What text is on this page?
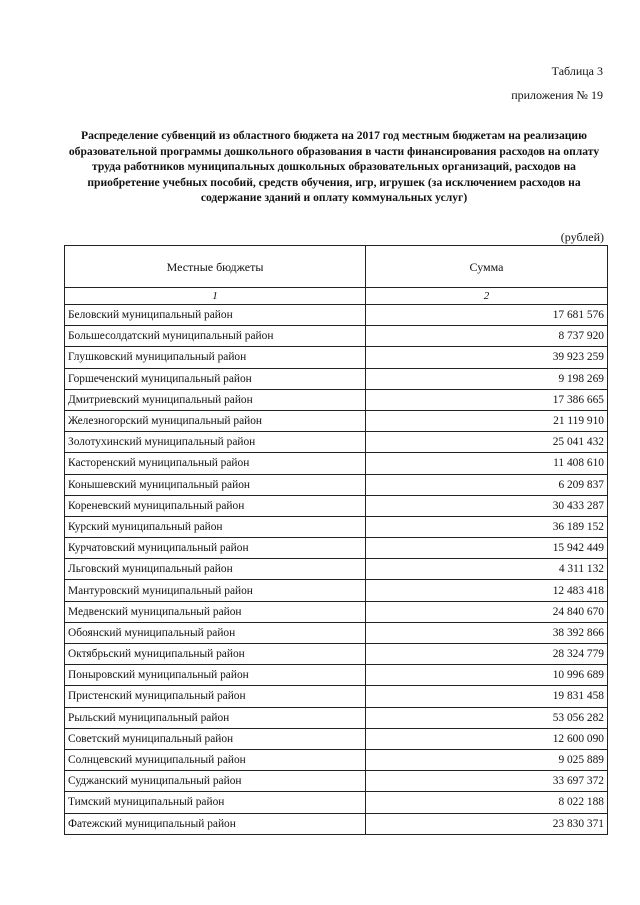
Таблица 3
приложения № 19
Распределение субвенций из областного бюджета на 2017 год местным бюджетам на реализацию образовательной программы дошкольного образования в части финансирования расходов на оплату труда работников муниципальных дошкольных образовательных организаций, расходов на приобретение учебных пособий, средств обучения, игр, игрушек (за исключением расходов на содержание зданий и оплату коммунальных услуг)
(рублей)
Местные бюджеты	Сумма
1	2
Беловский муниципальный район	17 681 576
Большесолдатский муниципальный район	8 737 920
Глушковский муниципальный район	39 923 259
Горшеченский муниципальный район	9 198 269
Дмитриевский муниципальный район	17 386 665
Железногорский муниципальный район	21 119 910
Золотухинский муниципальный район	25 041 432
Касторенский муниципальный район	11 408 610
Конышевский муниципальный район	6 209 837
Кореневский муниципальный район	30 433 287
Курский муниципальный район	36 189 152
Курчатовский муниципальный район	15 942 449
Льговский муниципальный район	4 311 132
Мантуровский муниципальный район	12 483 418
Медвенский муниципальный район	24 840 670
Обоянский муниципальный район	38 392 866
Октябрьский муниципальный район	28 324 779
Поныровский муниципальный район	10 996 689
Пристенский муниципальный район	19 831 458
Рыльский муниципальный район	53 056 282
Советский муниципальный район	12 600 090
Солнцевский муниципальный район	9 025 889
Суджанский муниципальный район	33 697 372
Тимский муниципальный район	8 022 188
Фатежский муниципальный район	23 830 371
